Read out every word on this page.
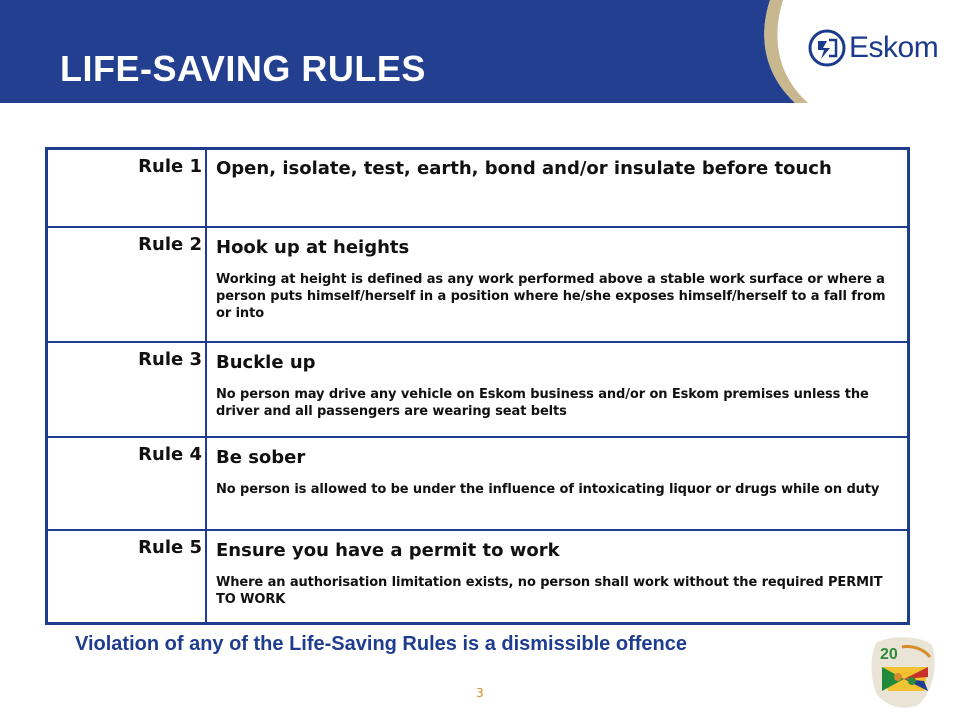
LIFE-SAVING RULES
Eskom
Rule 1	Open, isolate, test, earth, bond and/or insulate before touch

Rule 2	Hook up at heights

Working at height is defined as any work performed above a stable work surface or where a person puts himself/herself in a position where he/she exposes himself/herself to a fall from or into

Rule 3	Buckle up

No person may drive any vehicle on Eskom business and/or on Eskom premises unless the driver and all passengers are wearing seat belts

Rule 4	Be sober

No person is allowed to be under the influence of intoxicating liquor or drugs while on duty

Rule 5	Ensure you have a permit to work

Where an authorisation limitation exists, no person shall work without the required PERMIT TO WORK

Violation of any of the Life-Saving Rules is a dismissible offence

3
20
